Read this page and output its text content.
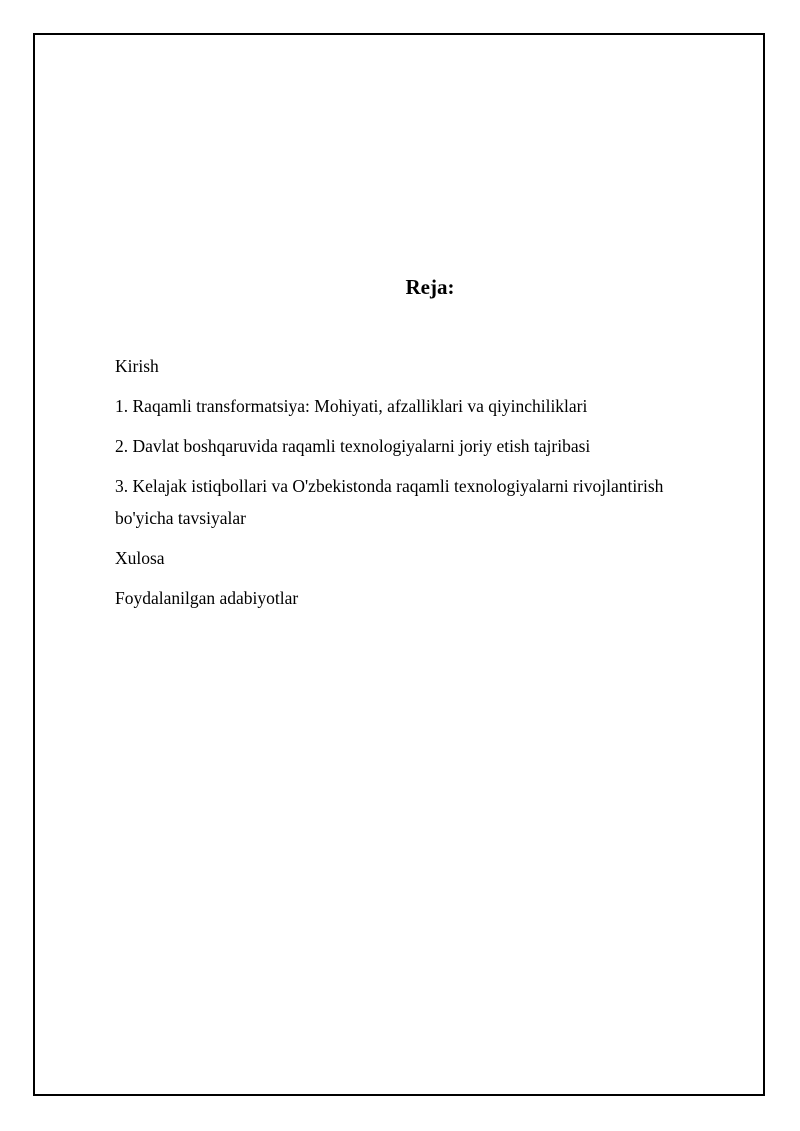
Reja:
Kirish
1. Raqamli transformatsiya: Mohiyati, afzalliklari va qiyinchiliklari
2. Davlat boshqaruvida raqamli texnologiyalarni joriy etish tajribasi
3. Kelajak istiqbollari va O'zbekistonda raqamli texnologiyalarni rivojlantirish bo'yicha tavsiyalar
Xulosa
Foydalanilgan adabiyotlar
